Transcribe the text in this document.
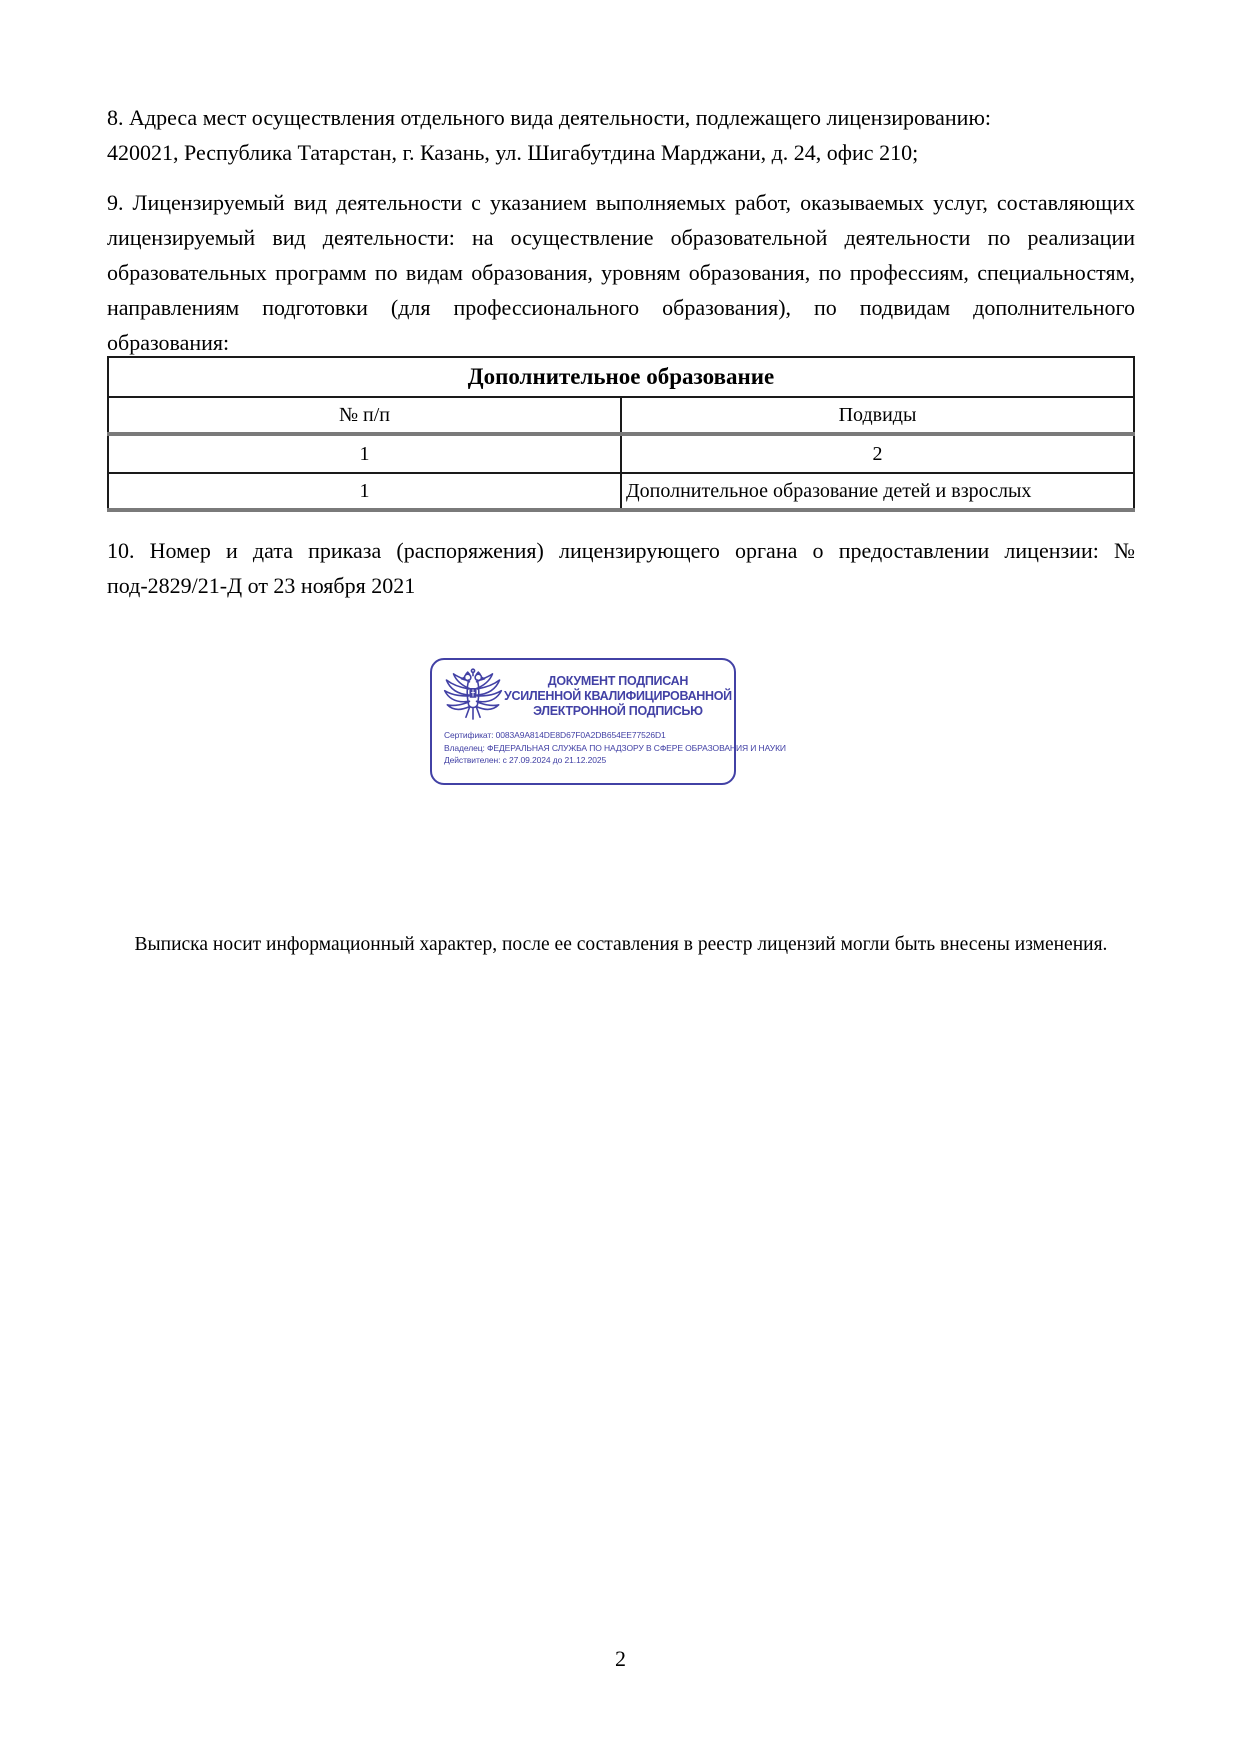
8. Адреса мест осуществления отдельного вида деятельности, подлежащего лицензированию:
420021, Республика Татарстан, г. Казань, ул. Шигабутдина Марджани, д. 24, офис 210;
9. Лицензируемый вид деятельности с указанием выполняемых работ, оказываемых услуг, составляющих лицензируемый вид деятельности: на осуществление образовательной деятельности по реализации образовательных программ по видам образования, уровням образования, по профессиям, специальностям, направлениям подготовки (для профессионального образования), по подвидам дополнительного образования:
Дополнительное образование	
№ п/п	Подвиды
1	2
1	Дополнительное образование детей и взрослых
10. Номер и дата приказа (распоряжения) лицензирующего органа о предоставлении лицензии: № под-2829/21-Д от 23 ноября 2021
ДОКУМЕНТ ПОДПИСАН
УСИЛЕННОЙ КВАЛИФИЦИРОВАННОЙ
ЭЛЕКТРОННОЙ ПОДПИСЬЮ
Сертификат: 0083A9A814DE8D67F0A2DB654EE77526D1
Владелец: ФЕДЕРАЛЬНАЯ СЛУЖБА ПО НАДЗОРУ В СФЕРЕ ОБРАЗОВАНИЯ И НАУКИ
Действителен: с 27.09.2024 до 21.12.2025
Выписка носит информационный характер, после ее составления в реестр лицензий могли быть внесены изменения.
2
